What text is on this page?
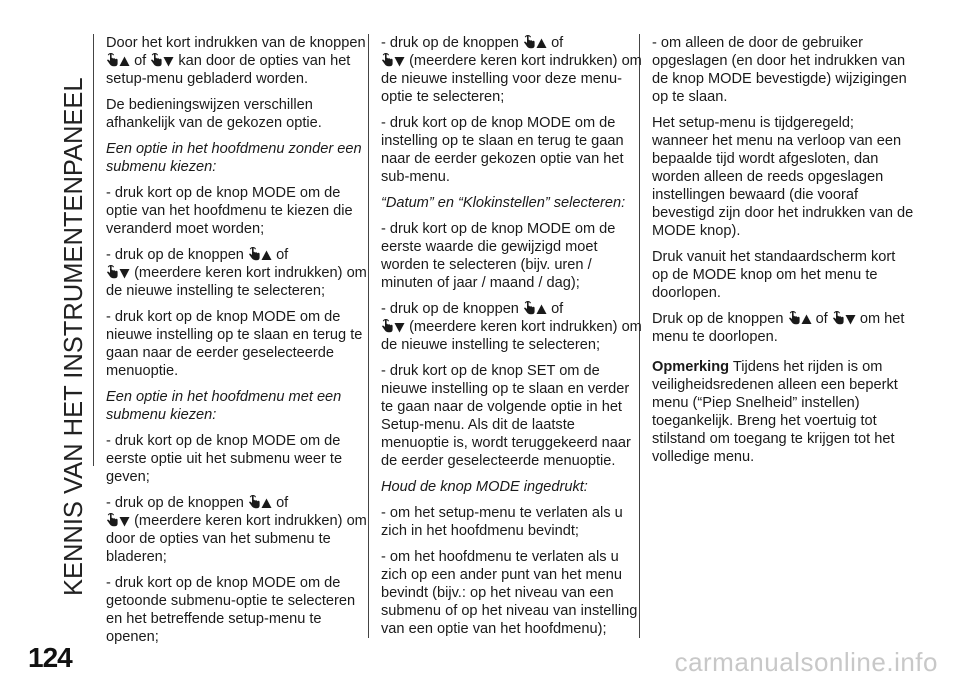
KENNIS VAN HET INSTRUMENTENPANEEL
124

Door het kort indrukken van de knoppen  of kan door de opties van het setup-menu gebladerd worden.

De bedieningswijzen verschillen afhankelijk van de gekozen optie.

Een optie in het hoofdmenu zonder een submenu kiezen:

- druk kort op de knop MODE om de optie van het hoofdmenu te kiezen die veranderd moet worden;

- druk op de knoppen of
(meerdere keren kort indrukken) om de nieuwe instelling te selecteren;

- druk kort op de knop MODE om de nieuwe instelling op te slaan en terug te gaan naar de eerder geselecteerde menuoptie.

Een optie in het hoofdmenu met een submenu kiezen:

- druk kort op de knop MODE om de eerste optie uit het submenu weer te geven;

- druk op de knoppen of
(meerdere keren kort indrukken) om door de opties van het submenu te bladeren;

- druk kort op de knop MODE om de getoonde submenu-optie te selecteren en het betreffende setup-menu te openen;

- druk op de knoppen of
(meerdere keren kort indrukken) om de nieuwe instelling voor deze menu-optie te selecteren;

- druk kort op de knop MODE om de instelling op te slaan en terug te gaan naar de eerder gekozen optie van het sub-menu.

“Datum” en “Klokinstellen” selecteren:

- druk kort op de knop MODE om de eerste waarde die gewijzigd moet worden te selecteren (bijv. uren / minuten of jaar / maand / dag);

- druk op de knoppen of
(meerdere keren kort indrukken) om de nieuwe instelling te selecteren;

- druk kort op de knop SET om de nieuwe instelling op te slaan en verder te gaan naar de volgende optie in het Setup-menu. Als dit de laatste menuoptie is, wordt teruggekeerd naar de eerder geselecteerde menuoptie.

Houd de knop MODE ingedrukt:

- om het setup-menu te verlaten als u zich in het hoofdmenu bevindt;

- om het hoofdmenu te verlaten als u zich op een ander punt van het menu bevindt (bijv.: op het niveau van een submenu of op het niveau van instelling van een optie van het hoofdmenu);

- om alleen de door de gebruiker opgeslagen (en door het indrukken van de knop MODE bevestigde) wijzigingen op te slaan.

Het setup-menu is tijdgeregeld; wanneer het menu na verloop van een bepaalde tijd wordt afgesloten, dan worden alleen de reeds opgeslagen instellingen bewaard (die vooraf bevestigd zijn door het indrukken van de MODE knop).

Druk vanuit het standaardscherm kort op de MODE knop om het menu te doorlopen.

Druk op de knoppen of om het menu te doorlopen.

Opmerking Tijdens het rijden is om veiligheidsredenen alleen een beperkt menu (“Piep Snelheid” instellen) toegankelijk. Breng het voertuig tot stilstand om toegang te krijgen tot het volledige menu.

carmanualsonline.info
